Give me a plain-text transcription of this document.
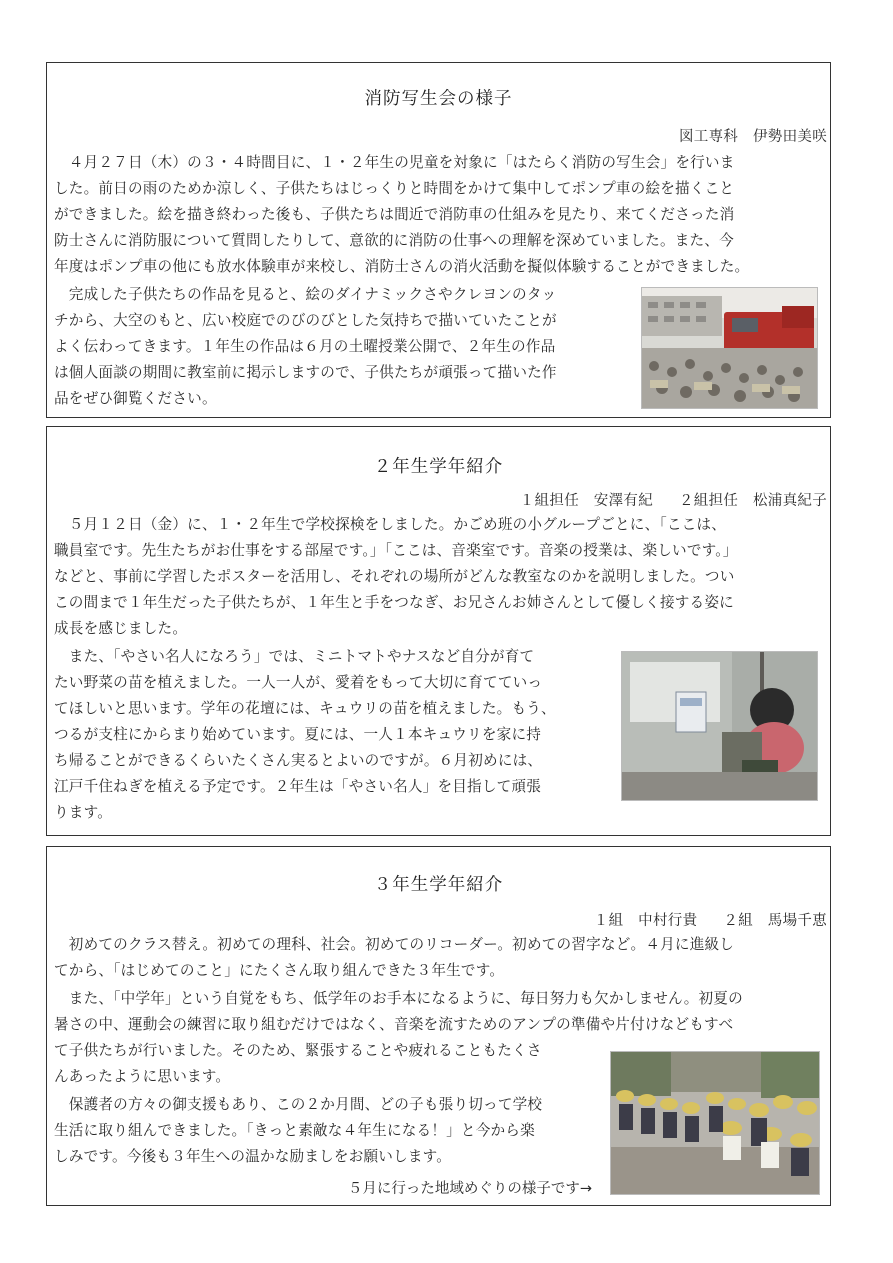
消防写生会の様子
図工専科　伊勢田美咲
　４月２７日（木）の３・４時間目に、１・２年生の児童を対象に「はたらく消防の写生会」を行いま
した。前日の雨のためか涼しく、子供たちはじっくりと時間をかけて集中してポンプ車の絵を描くこと
ができました。絵を描き終わった後も、子供たちは間近で消防車の仕組みを見たり、来てくださった消
防士さんに消防服について質問したりして、意欲的に消防の仕事への理解を深めていました。また、今
年度はポンプ車の他にも放水体験車が来校し、消防士さんの消火活動を擬似体験することができました。
　完成した子供たちの作品を見ると、絵のダイナミックさやクレヨンのタッ
チから、大空のもと、広い校庭でのびのびとした気持ちで描いていたことが
よく伝わってきます。１年生の作品は６月の土曜授業公開で、２年生の作品
は個人面談の期間に教室前に掲示しますので、子供たちが頑張って描いた作
品をぜひ御覧ください。
２年生学年紹介
１組担任　安澤有紀 ２組担任　松浦真紀子
　５月１２日（金）に、１・２年生で学校探検をしました。かごめ班の小グループごとに、「ここは、
職員室です。先生たちがお仕事をする部屋です。」「ここは、音楽室です。音楽の授業は、楽しいです。」
などと、事前に学習したポスターを活用し、それぞれの場所がどんな教室なのかを説明しました。つい
この間まで１年生だった子供たちが、１年生と手をつなぎ、お兄さんお姉さんとして優しく接する姿に
成長を感じました。
　また、「やさい名人になろう」では、ミニトマトやナスなど自分が育て
たい野菜の苗を植えました。一人一人が、愛着をもって大切に育てていっ
てほしいと思います。学年の花壇には、キュウリの苗を植えました。もう、
つるが支柱にからまり始めています。夏には、一人１本キュウリを家に持
ち帰ることができるくらいたくさん実るとよいのですが。６月初めには、
江戸千住ねぎを植える予定です。２年生は「やさい名人」を目指して頑張
ります。
３年生学年紹介
１組　中村行貴 ２組　馬場千恵
　初めてのクラス替え。初めての理科、社会。初めてのリコーダー。初めての習字など。４月に進級し
てから、「はじめてのこと」にたくさん取り組んできた３年生です。
　また、「中学年」という自覚をもち、低学年のお手本になるように、毎日努力も欠かしません。初夏の
暑さの中、運動会の練習に取り組むだけではなく、音楽を流すためのアンプの準備や片付けなどもすべ
て子供たちが行いました。そのため、緊張することや疲れることもたくさ
んあったように思います。
　保護者の方々の御支援もあり、この２か月間、どの子も張り切って学校
生活に取り組んできました。「きっと素敵な４年生になる！」と今から楽
しみです。今後も３年生への温かな励ましをお願いします。
５月に行った地域めぐりの様子です→
